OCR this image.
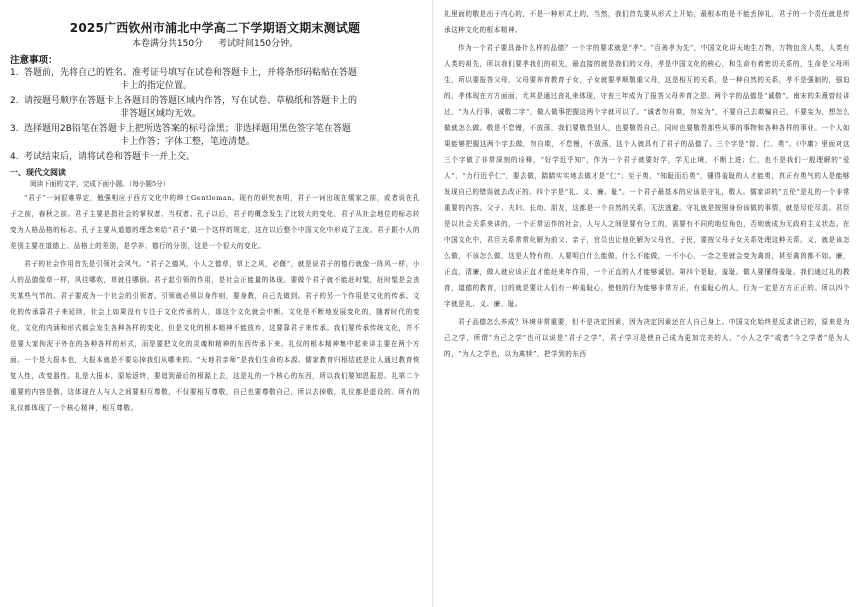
2025广西钦州市浦北中学高二下学期语文期末测试题
本卷满分共150分 考试时间150分钟。
注意事项：
1. 答题前，先将自己的姓名、准考证号填写在试卷和答题卡上，并将条形码粘贴在答题
卡上的指定位置。
2. 请按题号顺序在答题卡上各题目的答题区域内作答，写在试卷、草稿纸和答题卡上的
非答题区域均无效。
3. 选择题用2B铅笔在答题卡上把所选答案的标号涂黑；非选择题用黑色签字笔在答题
卡上作答；字体工整，笔迹清楚。
4. 考试结束后，请将试卷和答题卡一并上交。
一、现代文阅读
阅读下面的文字，完成下面小题。（每小题5分）

“君子”一词很难界定，勉强相应于西方文化中的绅士Gentleman。现有的研究表明，君子一词出现在儒家之前，或者说在孔子之前，春秋之前。君子主要是指社会的掌权者、当权者。孔子以后，君子的概念发生了比较大的变化，君子从社会地位的标志转变为人格品格的标志。孔子主要从道德的理念来给“君子”做一个这样的规定，这在以后整个中国文化中形成了主流。君子跟小人的差别主要在道德上、品格上的差别，是学养、德行的分别，这是一个很大的变化。

君子的社会作用首先是引领社会风气。“君子之德风，小人之德草，草上之风，必偃”，就是说君子的德行就像一阵风一样，小人的品德像草一样，风往哪吹，草就往哪倒。君子起引领的作用，是社会正能量的体现。要做个君子就不能赶时髦，赶时髦是会丧失某些气节的。君子要成为一个社会的引领者。引领就必须以身作则，要身教，自己先做到。君子的另一个作用是文化的传承。文化的传承靠君子来延续，社会上如果没有专注于文化传承的人，那这个文化就会中断。文化是不断地发展变化的，随着时代的变化，文化的内涵和形式都会发生各种各样的变化，但是文化的根本精神不能放弃，这要靠君子来传承。我们要传承传统文化，并不是要大家拘泥于外在的各种各样的形式，而是要把文化的灵魂和精神的东西传承下来。礼仪的根本精神集中起来讲主要在两个方面。一个是大报本也，大报本就是不要忘掉我们从哪来的。“天地君亲师”是我们生命的本源。儒家教育归根结底是让人通过教育恢复人性，改变器性。礼是大报本，原始返终，要追到最后的根源上去，这是礼的一个核心的东西，所以我们要知恩报恩。礼第二个重要的内容是敬，这体现在人与人之间要相互尊敬，不仅要相互尊敬，自己也要尊敬自己，所以去掉敬，礼仪都是虚设的。所有的礼仪都体现了一个核心精神，相互尊敬。

礼里面的敬是出于内心的，不是一种形式上的，当然，我们首先要从形式上开始，最根本的是不能丢掉礼，君子的一个责任就是传承这种文化的根本精神。

作为一个君子要具备什么样的品德？一个字的要求就是“孝”。“百善孝为先”，中国文化讲天地生万物，万物包含人类，人类有人类的祖先，所以我们要孝我们的祖先，最直接的就是我们的父母，孝是中国文化的核心，和生命有着密切关系的，生命是父母所生，所以要报答父母，父母要养育教育子女，子女就要孝顺敬重父母，这是相互的关系，是一种自然的关系，孝不是强制的，强迫的，孝体现在方方面面，尤其是通过丧礼来体现，守丧三年成为了报答父母养育之恩。两个字的品德是“诚敬”。南宋的朱熹曾经讲过，“为人行事，诚敬二字”，做人做事把握这两个字就可以了。“诚者勿自欺，勿妄为”，不要自己去欺骗自己，不要妄为，想怎么做就怎么做。敬是不怠慢，不放荡，我们要敬畏别人，也要敬畏自己，同时也要敬畏那些从事的事物和各种各样的事业。一个人如果能够把握这两个字去做，勿自欺，不怠慢，不放荡，这个人就具有了君子的品德了。三个字是“智、仁、勇”。《中庸》里面对这三个字做了非常深刻的诠释，“好学近乎知”，作为一个君子就要好学，学无止境，不断上进；仁，也不是我们一般理解的“爱人”，“力行近乎仁”，要去做，踏踏实实地去做才是“仁”；至于勇，“知耻而后勇”，懂得羞耻的人才能勇，真正有勇气的人是能够发现自己的错误就去改正的。四个字是“礼、义、廉、耻”。一个君子最基本的应该是守礼，敬人。儒家讲的“五伦”是礼的一个非常重要的内容。父子、夫妇、长幼、朋友，这都是一个自然的关系，无法逃避。守礼就是按照身份该做的事情，就是尽伦尽责。君臣是以社会关系来讲的，一个正常运作的社会，人与人之间是要有分工的，需要有不同的地位角色，否则就成为无政府主义状态。在中国文化中，君臣关系常常化解为前父、亲子，官员也让他化解为父母官，子民，要按父母子女关系处理这种关系。义，就是该怎么做，不该怎么做，这是人特有的，人要明白什么能做，什么不能做，一不小心，一念之差就会变为禽兽，甚至禽兽都不如。廉，正直，清廉，做人就应该正直才能赶来年作用，一个正直的人才能够诚信。第四个是耻，羞耻。做人要懂得羞耻。我们通过礼的教育，道德的教育，目的就是要让人们有一种羞耻心，使他的行为能够非常方正，有羞耻心的人，行为一定是方方正正的。所以四个字就是礼、义、廉、耻。

君子品德怎么养成？环境非常重要，但不是决定因素，因为决定因素还在人自己身上。中国文化始终是反求诸己的，原来是为己之学，所谓“为己之学”也可以说是“君子之学”，君子学习是使自己成为更加完美的人。“小人之学”或者“今之学者”是为人的，“为人之学也，以为禽犊”，把学到的东西
